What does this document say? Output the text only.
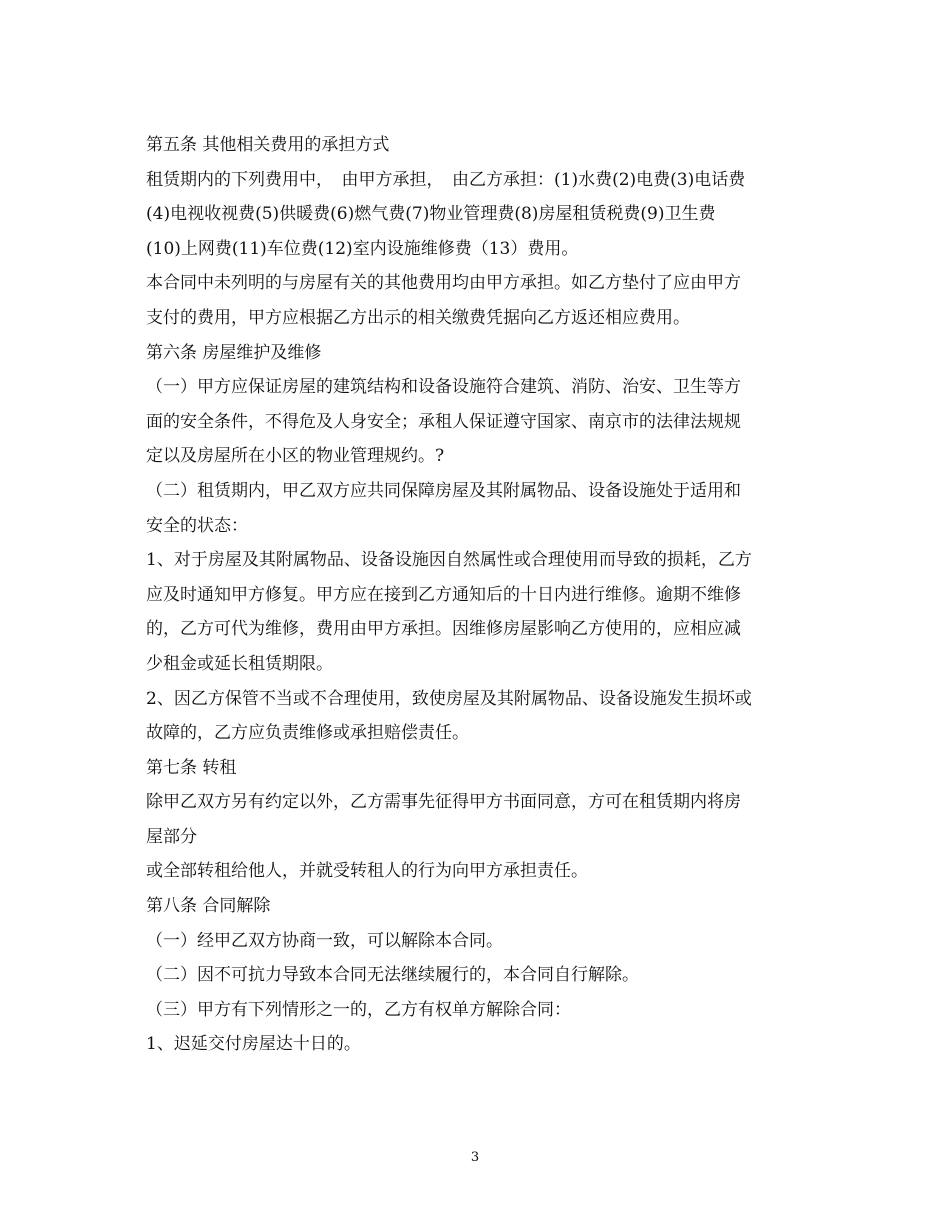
第五条 其他相关费用的承担方式
租赁期内的下列费用中，　由甲方承担，　由乙方承担：(1)水费(2)电费(3)电话费
(4)电视收视费(5)供暖费(6)燃气费(7)物业管理费(8)房屋租赁税费(9)卫生费
(10)上网费(11)车位费(12)室内设施维修费（13）费用。
本合同中未列明的与房屋有关的其他费用均由甲方承担。如乙方垫付了应由甲方
支付的费用，甲方应根据乙方出示的相关缴费凭据向乙方返还相应费用。
第六条 房屋维护及维修
（一）甲方应保证房屋的建筑结构和设备设施符合建筑、消防、治安、卫生等方
面的安全条件，不得危及人身安全；承租人保证遵守国家、南京市的法律法规规
定以及房屋所在小区的物业管理规约。?
（二）租赁期内，甲乙双方应共同保障房屋及其附属物品、设备设施处于适用和
安全的状态：
1、对于房屋及其附属物品、设备设施因自然属性或合理使用而导致的损耗，乙方
应及时通知甲方修复。甲方应在接到乙方通知后的十日内进行维修。逾期不维修
的，乙方可代为维修，费用由甲方承担。因维修房屋影响乙方使用的，应相应减
少租金或延长租赁期限。
2、因乙方保管不当或不合理使用，致使房屋及其附属物品、设备设施发生损坏或
故障的，乙方应负责维修或承担赔偿责任。
第七条 转租
除甲乙双方另有约定以外，乙方需事先征得甲方书面同意，方可在租赁期内将房
屋部分
或全部转租给他人，并就受转租人的行为向甲方承担责任。
第八条 合同解除
（一）经甲乙双方协商一致，可以解除本合同。
（二）因不可抗力导致本合同无法继续履行的，本合同自行解除。
（三）甲方有下列情形之一的，乙方有权单方解除合同：
1、迟延交付房屋达十日的。
3
